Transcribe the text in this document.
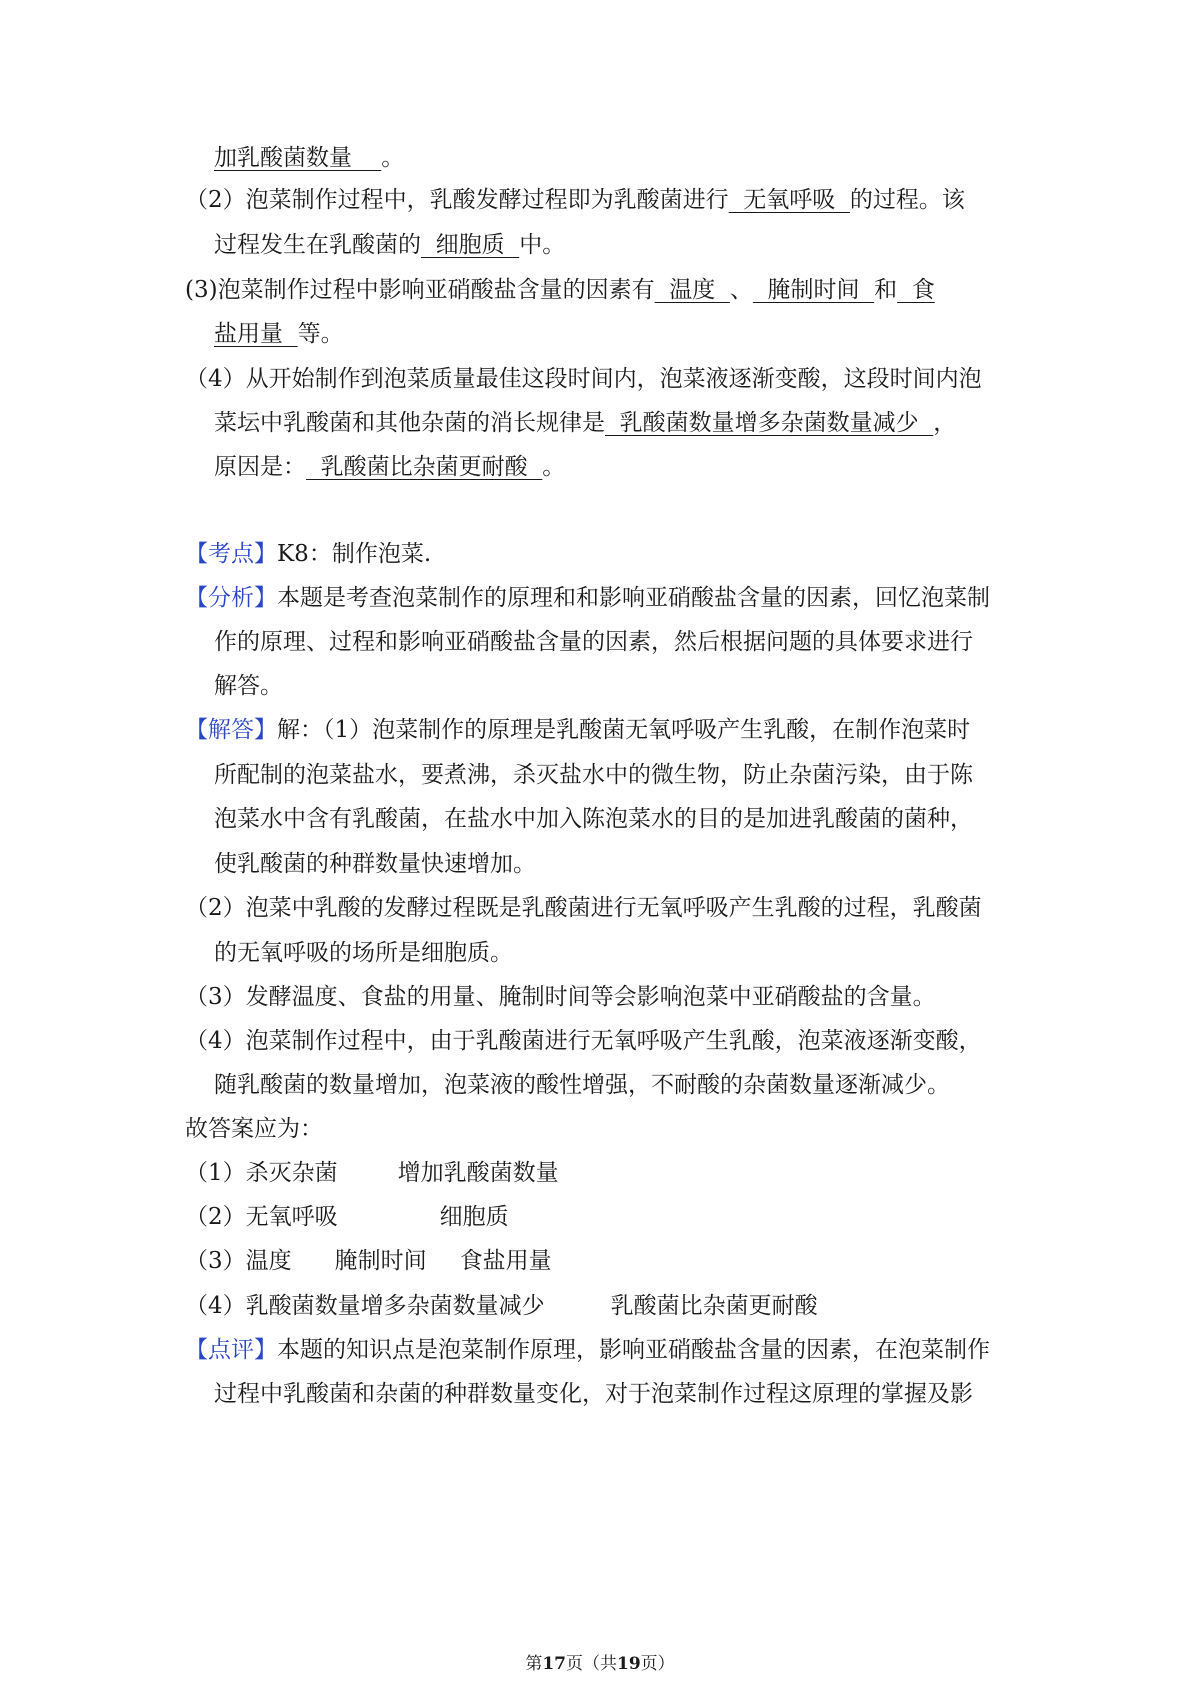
加乳酸菌数量 。
（2）泡菜制作过程中，乳酸发酵过程即为乳酸菌进行  无氧呼吸  的过程。该
过程发生在乳酸菌的  细胞质  中。
(3)泡菜制作过程中影响亚硝酸盐含量的因素有  温度  、  腌制时间  和  食
盐用量  等。
（4）从开始制作到泡菜质量最佳这段时间内，泡菜液逐渐变酸，这段时间内泡
菜坛中乳酸菌和其他杂菌的消长规律是  乳酸菌数量增多杂菌数量减少  ，
原因是：  乳酸菌比杂菌更耐酸  。
【考点】K8：制作泡菜.
【分析】本题是考查泡菜制作的原理和和影响亚硝酸盐含量的因素，回忆泡菜制
作的原理、过程和影响亚硝酸盐含量的因素，然后根据问题的具体要求进行
解答。
【解答】解：（1）泡菜制作的原理是乳酸菌无氧呼吸产生乳酸，在制作泡菜时
所配制的泡菜盐水，要煮沸，杀灭盐水中的微生物，防止杂菌污染，由于陈
泡菜水中含有乳酸菌，在盐水中加入陈泡菜水的目的是加进乳酸菌的菌种，
使乳酸菌的种群数量快速增加。
（2）泡菜中乳酸的发酵过程既是乳酸菌进行无氧呼吸产生乳酸的过程，乳酸菌
的无氧呼吸的场所是细胞质。
（3）发酵温度、食盐的用量、腌制时间等会影响泡菜中亚硝酸盐的含量。
（4）泡菜制作过程中，由于乳酸菌进行无氧呼吸产生乳酸，泡菜液逐渐变酸，
随乳酸菌的数量增加，泡菜液的酸性增强，不耐酸的杂菌数量逐渐减少。
故答案应为：
（1）杀灭杂菌	增加乳酸菌数量
（2）无氧呼吸	细胞质
（3）温度 腌制时间 食盐用量
（4）乳酸菌数量增多杂菌数量减少	乳酸菌比杂菌更耐酸
【点评】本题的知识点是泡菜制作原理，影响亚硝酸盐含量的因素，在泡菜制作
过程中乳酸菌和杂菌的种群数量变化，对于泡菜制作过程这原理的掌握及影
第17页（共19页）
